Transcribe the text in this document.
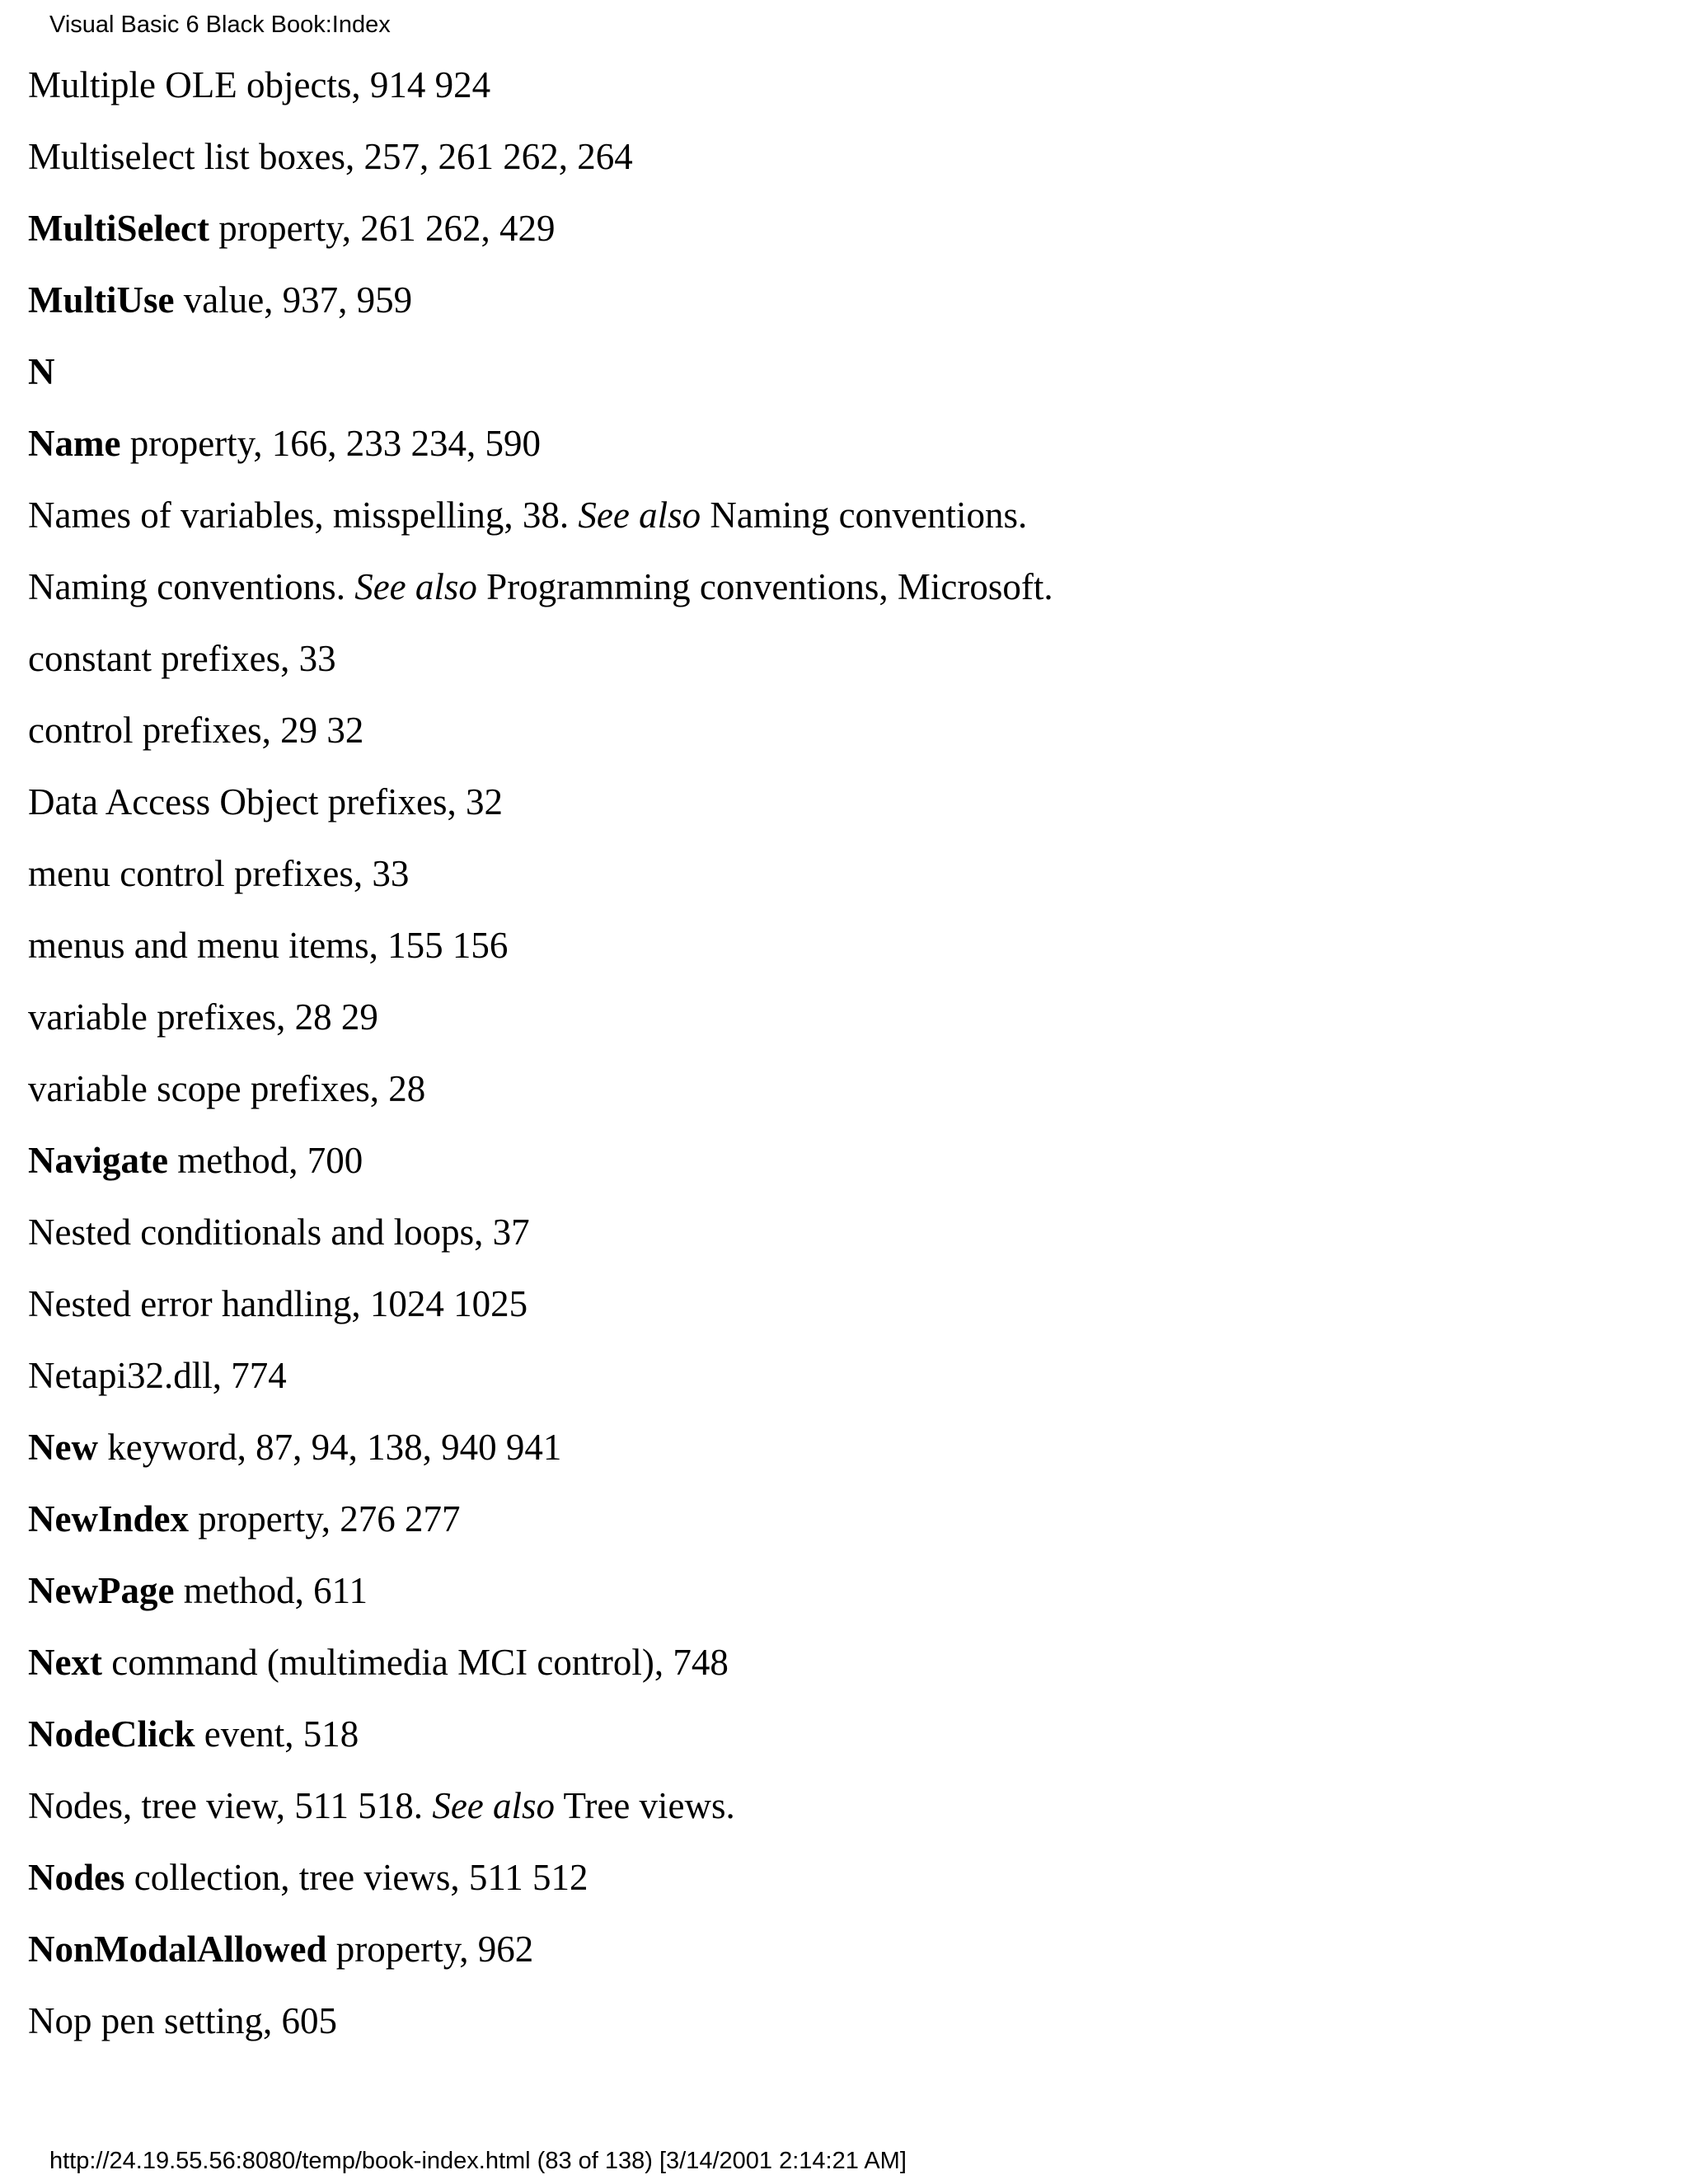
Visual Basic 6 Black Book:Index
Multiple OLE objects, 914 924
Multiselect list boxes, 257, 261 262, 264
MultiSelect property, 261 262, 429
MultiUse value, 937, 959
N
Name property, 166, 233 234, 590
Names of variables, misspelling, 38. See also Naming conventions.
Naming conventions. See also Programming conventions, Microsoft.
constant prefixes, 33
control prefixes, 29 32
Data Access Object prefixes, 32
menu control prefixes, 33
menus and menu items, 155 156
variable prefixes, 28 29
variable scope prefixes, 28
Navigate method, 700
Nested conditionals and loops, 37
Nested error handling, 1024 1025
Netapi32.dll, 774
New keyword, 87, 94, 138, 940 941
NewIndex property, 276 277
NewPage method, 611
Next command (multimedia MCI control), 748
NodeClick event, 518
Nodes, tree view, 511 518. See also Tree views.
Nodes collection, tree views, 511 512
NonModalAllowed property, 962
Nop pen setting, 605
http://24.19.55.56:8080/temp/book-index.html (83 of 138) [3/14/2001 2:14:21 AM]
